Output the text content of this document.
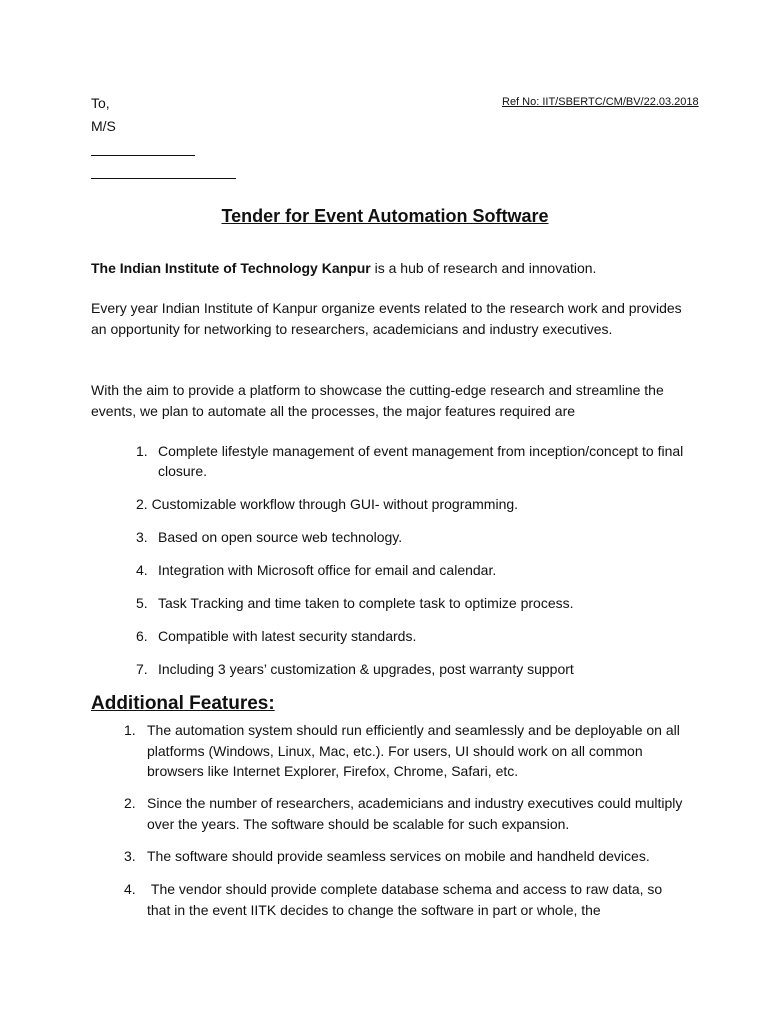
To,
M/S
Ref No: IIT/SBERTC/CM/BV/22.03.2018
Tender for Event Automation Software
The Indian Institute of Technology Kanpur is a hub of research and innovation.
Every year Indian Institute of Kanpur organize events related to the research work and provides an opportunity for networking to researchers, academicians and industry executives.
With the aim to provide a platform to showcase the cutting-edge research and streamline the events, we plan to automate all the processes, the major features required are
1. Complete lifestyle management of event management from inception/concept to final closure.
2. Customizable workflow through GUI- without programming.
3. Based on open source web technology.
4. Integration with Microsoft office for email and calendar.
5. Task Tracking and time taken to complete task to optimize process.
6. Compatible with latest security standards.
7. Including 3 years’ customization & upgrades, post warranty support
Additional Features:
1. The automation system should run efficiently and seamlessly and be deployable on all platforms (Windows, Linux, Mac, etc.). For users, UI should work on all common browsers like Internet Explorer, Firefox, Chrome, Safari, etc.
2. Since the number of researchers, academicians and industry executives could multiply over the years. The software should be scalable for such expansion.
3. The software should provide seamless services on mobile and handheld devices.
4. The vendor should provide complete database schema and access to raw data, so that in the event IITK decides to change the software in part or whole, the
